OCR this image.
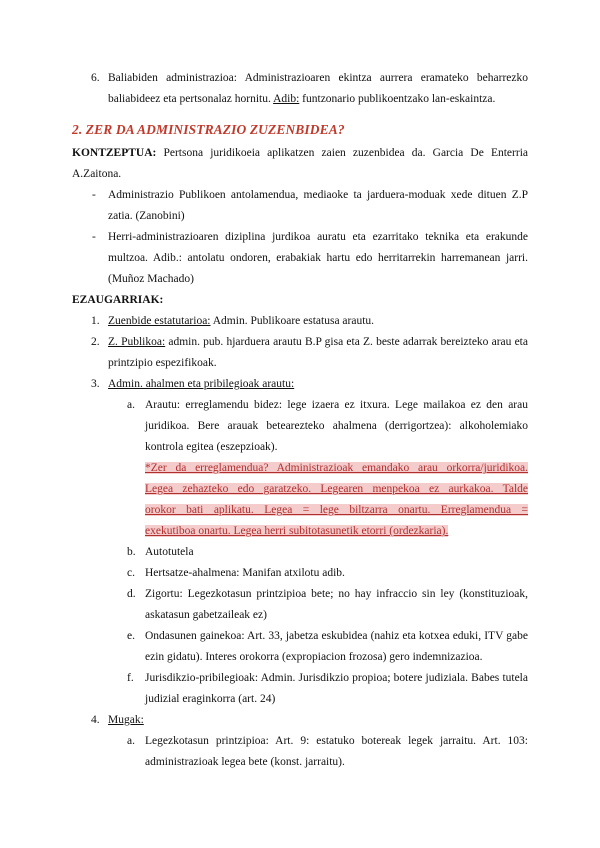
6. Baliabiden administrazioa: Administrazioaren ekintza aurrera eramateko beharrezko baliabideez eta pertsonalaz hornitu. Adib: funtzonario publikoentzako lan-eskaintza.
2. ZER DA ADMINISTRAZIO ZUZENBIDEA?
KONTZEPTUA: Pertsona juridikoeia aplikatzen zaien zuzenbidea da. Garcia De Enterria A.Zaitona.
- Administrazio Publikoen antolamendua, mediaoke ta jarduera-moduak xede dituen Z.P zatia. (Zanobini)
- Herri-administrazioaren diziplina jurdikoa auratu eta ezarritako teknika eta erakunde multzoa. Adib.: antolatu ondoren, erabakiak hartu edo herritarrekin harremanean jarri. (Muñoz Machado)
EZAUGARRIAK:
1. Zuenbide estatutarioa: Admin. Publikoare estatusa arautu.
2. Z. Publikoa: admin. pub. hjarduera arautu B.P gisa eta Z. beste adarrak bereizteko arau eta printzipio espezifikoak.
3. Admin. ahalmen eta pribilegioak arautu:
a. Arautu: erreglamendu bidez: lege izaera ez itxura. Lege mailakoa ez den arau juridikoa. Bere arauak betearezteko ahalmena (derrigortzea): alkoholemiako kontrola egitea (eszepzioak).
*Zer da erreglamendua? Administrazioak emandako arau orkorra/juridikoa.
Legea zehazteko edo garatzeko. Legearen menpekoa ez aurkakoa. Talde
orokor bati aplikatu. Legea = lege biltzarra onartu. Erreglamendua =
exekutiboa onartu. Legea herri subitotasunetik etorri (ordezkaria).
b. Autotutela
c. Hertsatze-ahalmena: Manifan atxilotu adib.
d. Zigortu: Legezkotasun printzipioa bete; no hay infraccio sin ley (konstituzioak, askatasun gabetzaileak ez)
e. Ondasunen gainekoa: Art. 33, jabetza eskubidea (nahiz eta kotxea eduki, ITV gabe ezin gidatu). Interes orokorra (expropiacion frozosa) gero indemnizazioa.
f. Jurisdikzio-pribilegioak: Admin. Jurisdikzio propioa; botere judiziala. Babes tutela judizial eraginkorra (art. 24)
4. Mugak:
a. Legezkotasun printzipioa: Art. 9: estatuko botereak legek jarraitu. Art. 103: administrazioak legea bete (konst. jarraitu).
